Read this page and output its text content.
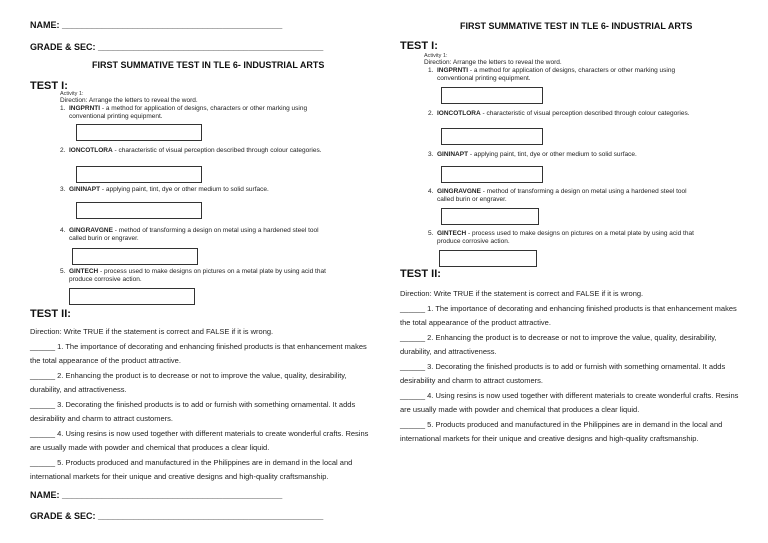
NAME: ____________________________________________
GRADE & SEC: _____________________________________________
FIRST SUMMATIVE TEST IN TLE 6- INDUSTRIAL ARTS
TEST I:
Activity 1:
Direction: Arrange the letters to reveal the word.
1. INGPRNTI - a method for application of designs, characters or other marking using conventional printing equipment.
2. IONCOTLORA - characteristic of visual perception described through colour categories.
3. GININAPT - applying paint, tint, dye or other medium to solid surface.
4. GINGRAVGNE - method of transforming a design on metal using a hardened steel tool called burin or engraver.
5. GINTECH - process used to make designs on pictures on a metal plate by using acid that produce corrosive action.
TEST II:

Direction: Write TRUE if the statement is correct and FALSE if it is wrong.

______ 1. The importance of decorating and enhancing finished products is that enhancement makes the total appearance of the product attractive.

______ 2. Enhancing the product is to decrease or not to improve the value, quality, desirability, durability, and attractiveness.

______ 3. Decorating the finished products is to add or furnish with something ornamental. It adds desirability and charm to attract customers.

______ 4. Using resins is now used together with different materials to create wonderful crafts. Resins are usually made with powder and chemical that produces a clear liquid.

______ 5. Products produced and manufactured in the Philippines are in demand in the local and international markets for their unique and creative designs and high-quality craftsmanship.

NAME: ____________________________________________
GRADE & SEC: _____________________________________________
FIRST SUMMATIVE TEST IN TLE 6- INDUSTRIAL ARTS
TEST I:
Activity 1:
Direction: Arrange the letters to reveal the word.
1. INGPRNTI - a method for application of designs, characters or other marking using conventional printing equipment.
2. IONCOTLORA - characteristic of visual perception described through colour categories.
3. GININAPT - applying paint, tint, dye or other medium to solid surface.
4. GINGRAVGNE - method of transforming a design on metal using a hardened steel tool called burin or engraver.
5. GINTECH - process used to make designs on pictures on a metal plate by using acid that produce corrosive action.
TEST II:

Direction: Write TRUE if the statement is correct and FALSE if it is wrong.

______ 1. The importance of decorating and enhancing finished products is that enhancement makes the total appearance of the product attractive.

______ 2. Enhancing the product is to decrease or not to improve the value, quality, desirability, durability, and attractiveness.

______ 3. Decorating the finished products is to add or furnish with something ornamental. It adds desirability and charm to attract customers.

______ 4. Using resins is now used together with different materials to create wonderful crafts. Resins are usually made with powder and chemical that produces a clear liquid.

______ 5. Products produced and manufactured in the Philippines are in demand in the local and international markets for their unique and creative designs and high-quality craftsmanship.
